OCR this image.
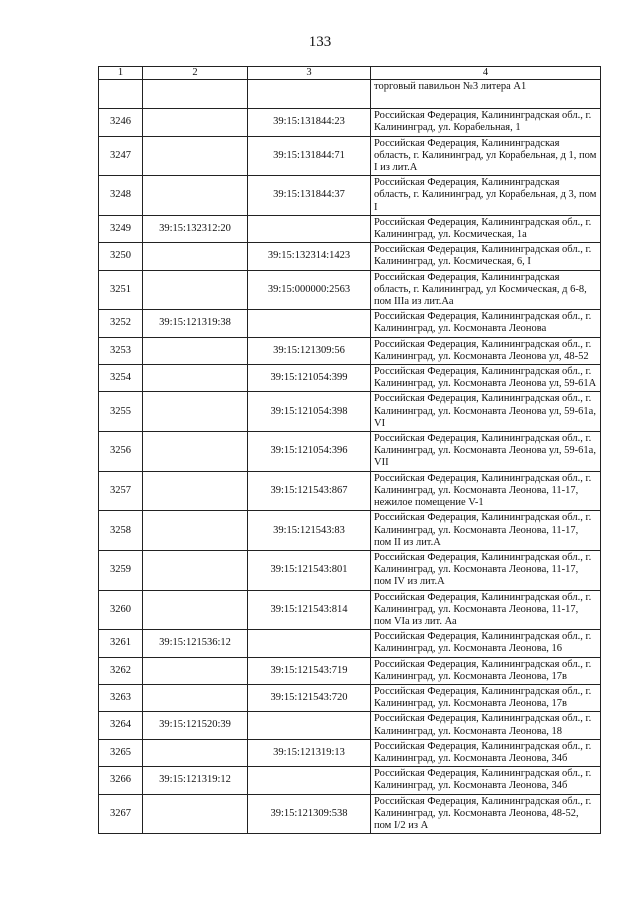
133
1	2	3	4
			торговый павильон №3 литера А1
3246		39:15:131844:23	Российская Федерация, Калининградская обл., г. Калининград, ул. Корабельная, 1
3247		39:15:131844:71	Российская Федерация, Калининградская область, г. Калининград, ул Корабельная, д 1, пом I из лит.А
3248		39:15:131844:37	Российская Федерация, Калининградская область, г. Калининград, ул Корабельная, д 3, пом I
3249	39:15:132312:20		Российская Федерация, Калининградская обл., г. Калининград, ул. Космическая, 1а
3250		39:15:132314:1423	Российская Федерация, Калининградская обл., г. Калининград, ул. Космическая, 6, I
3251		39:15:000000:2563	Российская Федерация, Калининградская область, г. Калининград, ул Космическая, д 6-8, пом IIIа из лит.Аа
3252	39:15:121319:38		Российская Федерация, Калининградская обл., г. Калининград, ул. Космонавта Леонова
3253		39:15:121309:56	Российская Федерация, Калининградская обл., г. Калининград, ул. Космонавта Леонова ул, 48-52
3254		39:15:121054:399	Российская Федерация, Калининградская обл., г. Калининград, ул. Космонавта Леонова ул, 59-61А
3255		39:15:121054:398	Российская Федерация, Калининградская обл., г. Калининград, ул. Космонавта Леонова ул, 59-61а, VI
3256		39:15:121054:396	Российская Федерация, Калининградская обл., г. Калининград, ул. Космонавта Леонова ул, 59-61а, VII
3257		39:15:121543:867	Российская Федерация, Калининградская обл., г. Калининград, ул. Космонавта Леонова, 11-17, нежилое помещение V-1
3258		39:15:121543:83	Российская Федерация, Калининградская обл., г. Калининград, ул. Космонавта Леонова, 11-17, пом II из лит.А
3259		39:15:121543:801	Российская Федерация, Калининградская обл., г. Калининград, ул. Космонавта Леонова, 11-17, пом IV из лит.А
3260		39:15:121543:814	Российская Федерация, Калининградская обл., г. Калининград, ул. Космонавта Леонова, 11-17, пом VIа из лит. Аа
3261	39:15:121536:12		Российская Федерация, Калининградская обл., г. Калининград, ул. Космонавта Леонова, 16
3262		39:15:121543:719	Российская Федерация, Калининградская обл., г. Калининград, ул. Космонавта Леонова, 17в
3263		39:15:121543:720	Российская Федерация, Калининградская обл., г. Калининград, ул. Космонавта Леонова, 17в
3264	39:15:121520:39		Российская Федерация, Калининградская обл., г. Калининград, ул. Космонавта Леонова, 18
3265		39:15:121319:13	Российская Федерация, Калининградская обл., г. Калининград, ул. Космонавта Леонова, 34б
3266	39:15:121319:12		Российская Федерация, Калининградская обл., г. Калининград, ул. Космонавта Леонова, 34б
3267		39:15:121309:538	Российская Федерация, Калининградская обл., г. Калининград, ул. Космонавта Леонова, 48-52, пом I/2 из А
